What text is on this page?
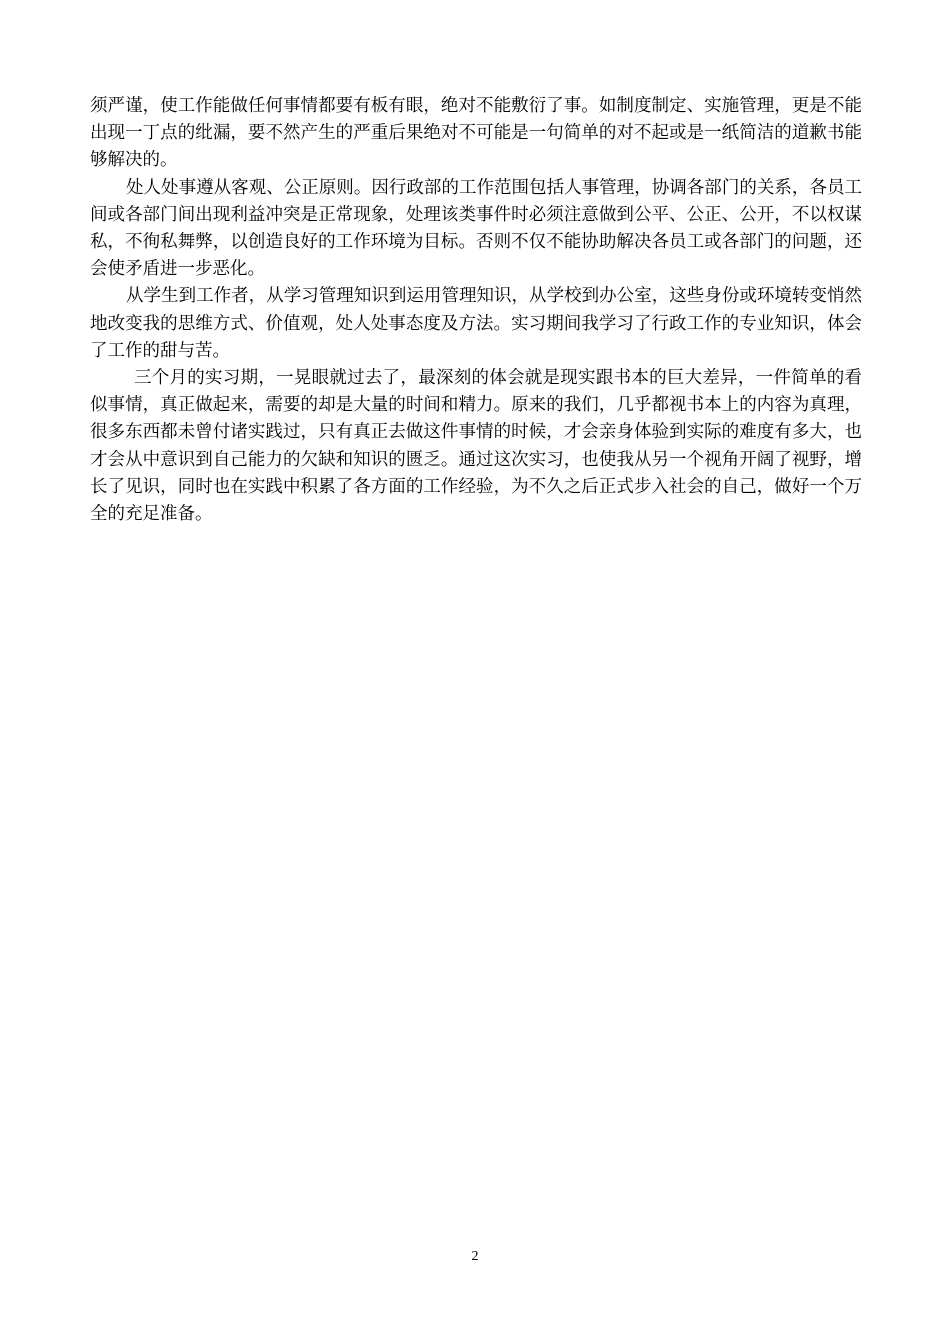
须严谨，使工作能做任何事情都要有板有眼，绝对不能敷衍了事。如制度制定、实施管理，更是不能出现一丁点的纰漏，要不然产生的严重后果绝对不可能是一句简单的对不起或是一纸简洁的道歉书能够解决的。

处人处事遵从客观、公正原则。因行政部的工作范围包括人事管理，协调各部门的关系，各员工间或各部门间出现利益冲突是正常现象，处理该类事件时必须注意做到公平、公正、公开，不以权谋私，不徇私舞弊，以创造良好的工作环境为目标。否则不仅不能协助解决各员工或各部门的问题，还会使矛盾进一步恶化。

从学生到工作者，从学习管理知识到运用管理知识，从学校到办公室，这些身份或环境转变悄然地改变我的思维方式、价值观，处人处事态度及方法。实习期间我学习了行政工作的专业知识，体会了工作的甜与苦。

三个月的实习期，一晃眼就过去了，最深刻的体会就是现实跟书本的巨大差异，一件简单的看似事情，真正做起来，需要的却是大量的时间和精力。原来的我们，几乎都视书本上的内容为真理，很多东西都未曾付诸实践过，只有真正去做这件事情的时候，才会亲身体验到实际的难度有多大，也才会从中意识到自己能力的欠缺和知识的匮乏。通过这次实习，也使我从另一个视角开阔了视野，增长了见识，同时也在实践中积累了各方面的工作经验，为不久之后正式步入社会的自己，做好一个万全的充足准备。

2
